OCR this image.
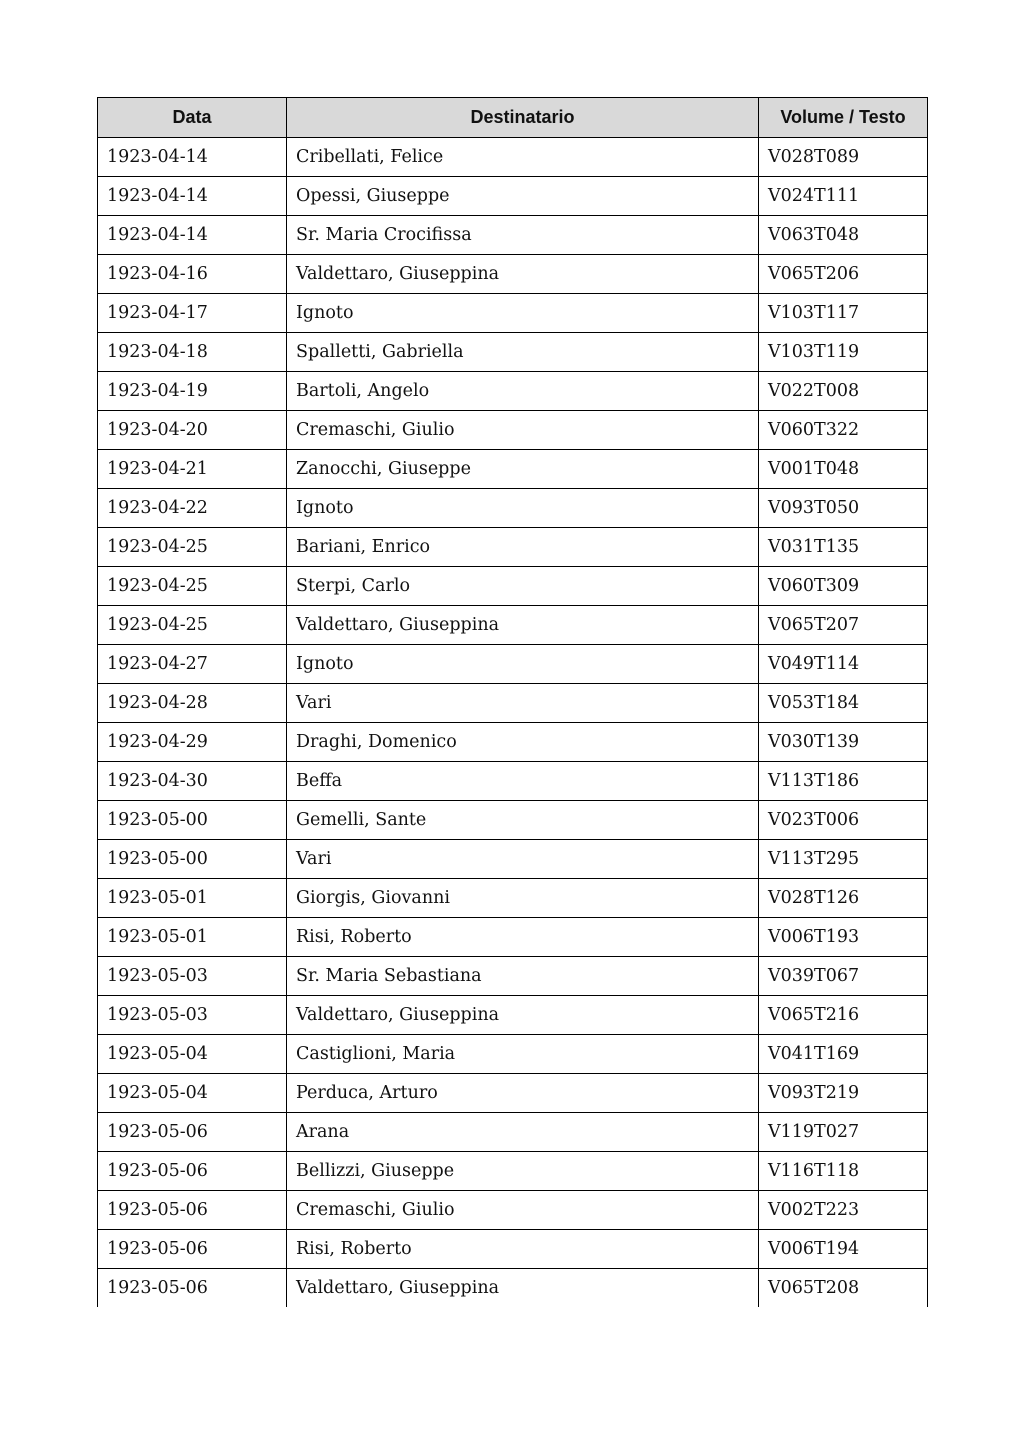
Data	Destinatario	Volume / Testo
1923-04-14	Cribellati, Felice	V028T089
1923-04-14	Opessi, Giuseppe	V024T111
1923-04-14	Sr. Maria Crocifissa	V063T048
1923-04-16	Valdettaro, Giuseppina	V065T206
1923-04-17	Ignoto	V103T117
1923-04-18	Spalletti, Gabriella	V103T119
1923-04-19	Bartoli, Angelo	V022T008
1923-04-20	Cremaschi, Giulio	V060T322
1923-04-21	Zanocchi, Giuseppe	V001T048
1923-04-22	Ignoto	V093T050
1923-04-25	Bariani, Enrico	V031T135
1923-04-25	Sterpi, Carlo	V060T309
1923-04-25	Valdettaro, Giuseppina	V065T207
1923-04-27	Ignoto	V049T114
1923-04-28	Vari	V053T184
1923-04-29	Draghi, Domenico	V030T139
1923-04-30	Beffa	V113T186
1923-05-00	Gemelli, Sante	V023T006
1923-05-00	Vari	V113T295
1923-05-01	Giorgis, Giovanni	V028T126
1923-05-01	Risi, Roberto	V006T193
1923-05-03	Sr. Maria Sebastiana	V039T067
1923-05-03	Valdettaro, Giuseppina	V065T216
1923-05-04	Castiglioni, Maria	V041T169
1923-05-04	Perduca, Arturo	V093T219
1923-05-06	Arana	V119T027
1923-05-06	Bellizzi, Giuseppe	V116T118
1923-05-06	Cremaschi, Giulio	V002T223
1923-05-06	Risi, Roberto	V006T194
1923-05-06	Valdettaro, Giuseppina	V065T208
